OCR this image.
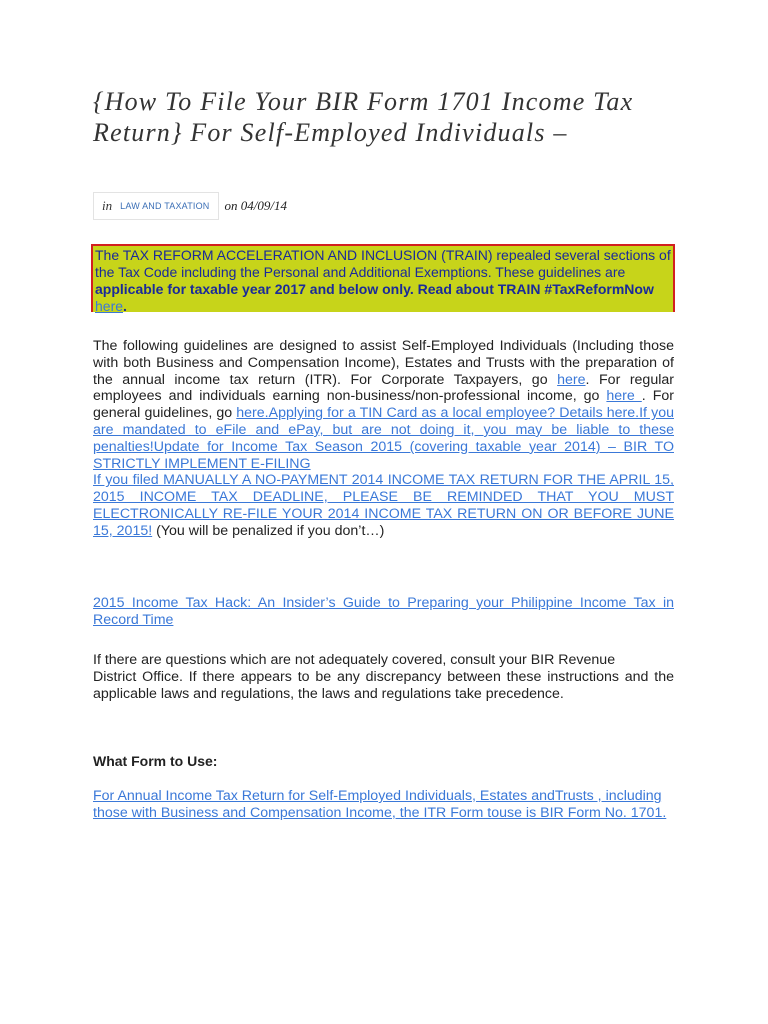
{How To File Your BIR Form 1701 Income Tax Return} For Self-Employed Individuals –
in LAW AND TAXATION on 04/09/14
The TAX REFORM ACCELERATION AND INCLUSION (TRAIN) repealed several sections of the Tax Code including the Personal and Additional Exemptions. These guidelines are applicable for taxable year 2017 and below only. Read about TRAIN #TaxReformNow here.

The following guidelines are designed to assist Self-Employed Individuals (Including those with both Business and Compensation Income), Estates and Trusts with the preparation of the annual income tax return (ITR). For Corporate Taxpayers, go here. For regular employees and individuals earning non-business/non-professional income, go here . For general guidelines, go here.Applying for a TIN Card as a local employee? Details here.If you are mandated to eFile and ePay, but are not doing it, you may be liable to these penalties!Update for Income Tax Season 2015 (covering taxable year 2014) – BIR TO STRICTLY IMPLEMENT E-FILING
If you filed MANUALLY A NO-PAYMENT 2014 INCOME TAX RETURN FOR THE APRIL 15, 2015 INCOME TAX DEADLINE, PLEASE BE REMINDED THAT YOU MUST ELECTRONICALLY RE-FILE YOUR 2014 INCOME TAX RETURN ON OR BEFORE JUNE 15, 2015! (You will be penalized if you don’t…)

2015 Income Tax Hack: An Insider’s Guide to Preparing your Philippine Income Tax in Record Time

If there are questions which are not adequately covered, consult your BIR Revenue
District Office. If there appears to be any discrepancy between these instructions and the applicable laws and regulations, the laws and regulations take precedence.

What Form to Use:

For Annual Income Tax Return for Self-Employed Individuals, Estates andTrusts , including those with Business and Compensation Income, the ITR Form touse is BIR Form No. 1701.
